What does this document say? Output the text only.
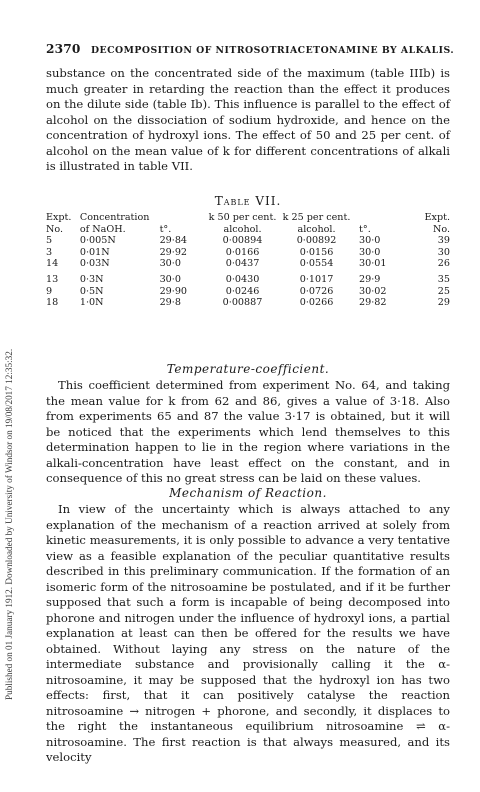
Published on 01 January 1912. Downloaded by University of Windsor on 19/08/2017 12:35:32.
2370 DECOMPOSITION OF NITROSOTRIACETONAMINE BY ALKALIS.

substance on the concentrated side of the maximum (table IIIb) is much greater in retarding the reaction than the effect it produces on the dilute side (table Ib). This influence is parallel to the effect of alcohol on the dissociation of sodium hydroxide, and hence on the concentration of hydroxyl ions. The effect of 50 and 25 per cent. of alcohol on the mean value of k for different concentrations of alkali is illustrated in table VII.

Table VII.
Expt. No.	Concentration of NaOH.	t°.	k 50 per cent. alcohol.	k 25 per cent. alcohol.	t°.	Expt. No.
5	0·005N	29·84	0·00894	0·00892	30·0	39
3	0·01N	29·92	0·0166	0·0156	30·0	30
14	0·03N	30·0	0·0437	0·0554	30·01	26
13	0·3N	30·0	0·0430	0·1017	29·9	35
9	0·5N	29·90	0·0246	0·0726	30·02	25
18	1·0N	29·8	0·00887	0·0266	29·82	29
Temperature-coefficient.

This coefficient determined from experiment No. 64, and taking the mean value for k from 62 and 86, gives a value of 3·18. Also from experiments 65 and 87 the value 3·17 is obtained, but it will be noticed that the experiments which lend themselves to this determination happen to lie in the region where variations in the alkali-concentration have least effect on the constant, and in consequence of this no great stress can be laid on these values.

Mechanism of Reaction.

In view of the uncertainty which is always attached to any explanation of the mechanism of a reaction arrived at solely from kinetic measurements, it is only possible to advance a very tentative view as a feasible explanation of the peculiar quantitative results described in this preliminary communication. If the formation of an isomeric form of the nitrosoamine be postulated, and if it be further supposed that such a form is incapable of being decomposed into phorone and nitrogen under the influence of hydroxyl ions, a partial explanation at least can then be offered for the results we have obtained. Without laying any stress on the nature of the intermediate substance and provisionally calling it the α-nitrosoamine, it may be supposed that the hydroxyl ion has two effects: first, that it can positively catalyse the reaction nitrosoamine → nitrogen + phorone, and secondly, it displaces to the right the instantaneous equilibrium nitrosoamine ⇌ α-nitrosoamine. The first reaction is that always measured, and its velocity
